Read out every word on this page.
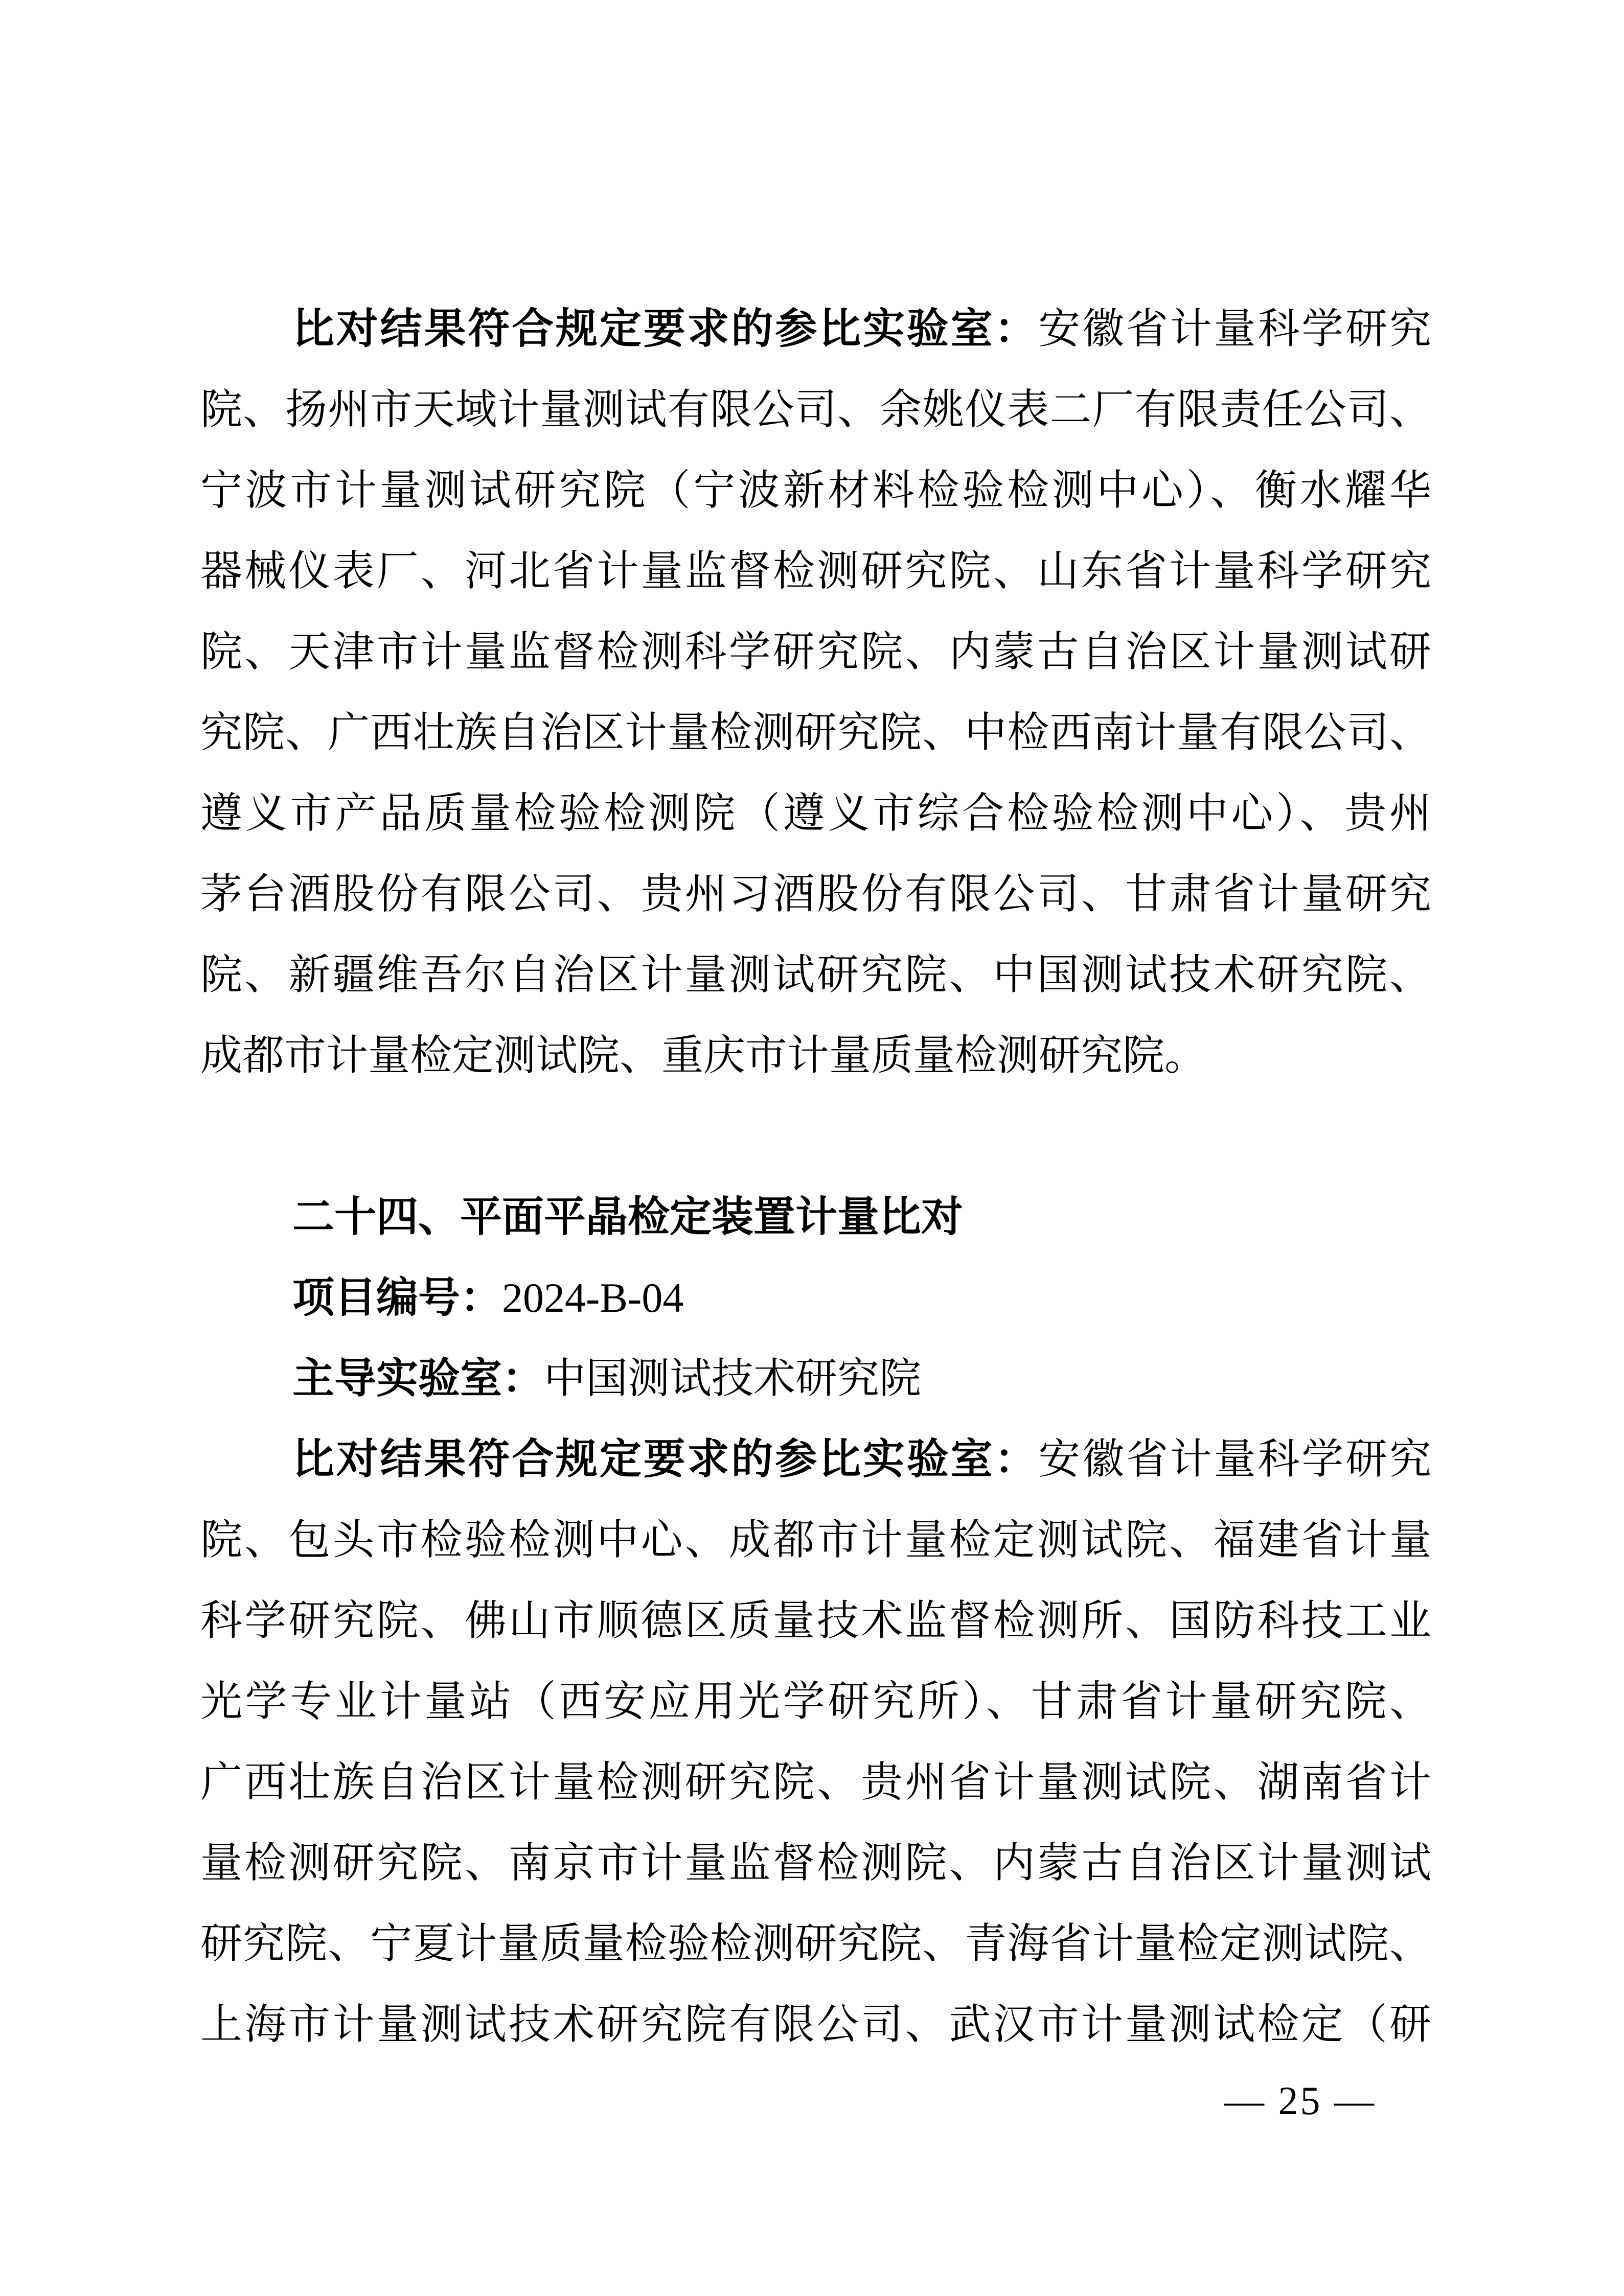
比对结果符合规定要求的参比实验室：安徽省计量科学研究
院、扬州市天域计量测试有限公司、余姚仪表二厂有限责任公司、
宁波市计量测试研究院（宁波新材料检验检测中心）、衡水耀华
器械仪表厂、河北省计量监督检测研究院、山东省计量科学研究
院、天津市计量监督检测科学研究院、内蒙古自治区计量测试研
究院、广西壮族自治区计量检测研究院、中检西南计量有限公司、
遵义市产品质量检验检测院（遵义市综合检验检测中心）、贵州
茅台酒股份有限公司、贵州习酒股份有限公司、甘肃省计量研究
院、新疆维吾尔自治区计量测试研究院、中国测试技术研究院、
成都市计量检定测试院、重庆市计量质量检测研究院。
二十四、平面平晶检定装置计量比对
项目编号：2024-B-04
主导实验室：中国测试技术研究院
比对结果符合规定要求的参比实验室：安徽省计量科学研究
院、包头市检验检测中心、成都市计量检定测试院、福建省计量
科学研究院、佛山市顺德区质量技术监督检测所、国防科技工业
光学专业计量站（西安应用光学研究所）、甘肃省计量研究院、
广西壮族自治区计量检测研究院、贵州省计量测试院、湖南省计
量检测研究院、南京市计量监督检测院、内蒙古自治区计量测试
研究院、宁夏计量质量检验检测研究院、青海省计量检定测试院、
上海市计量测试技术研究院有限公司、武汉市计量测试检定（研
— 25 —
